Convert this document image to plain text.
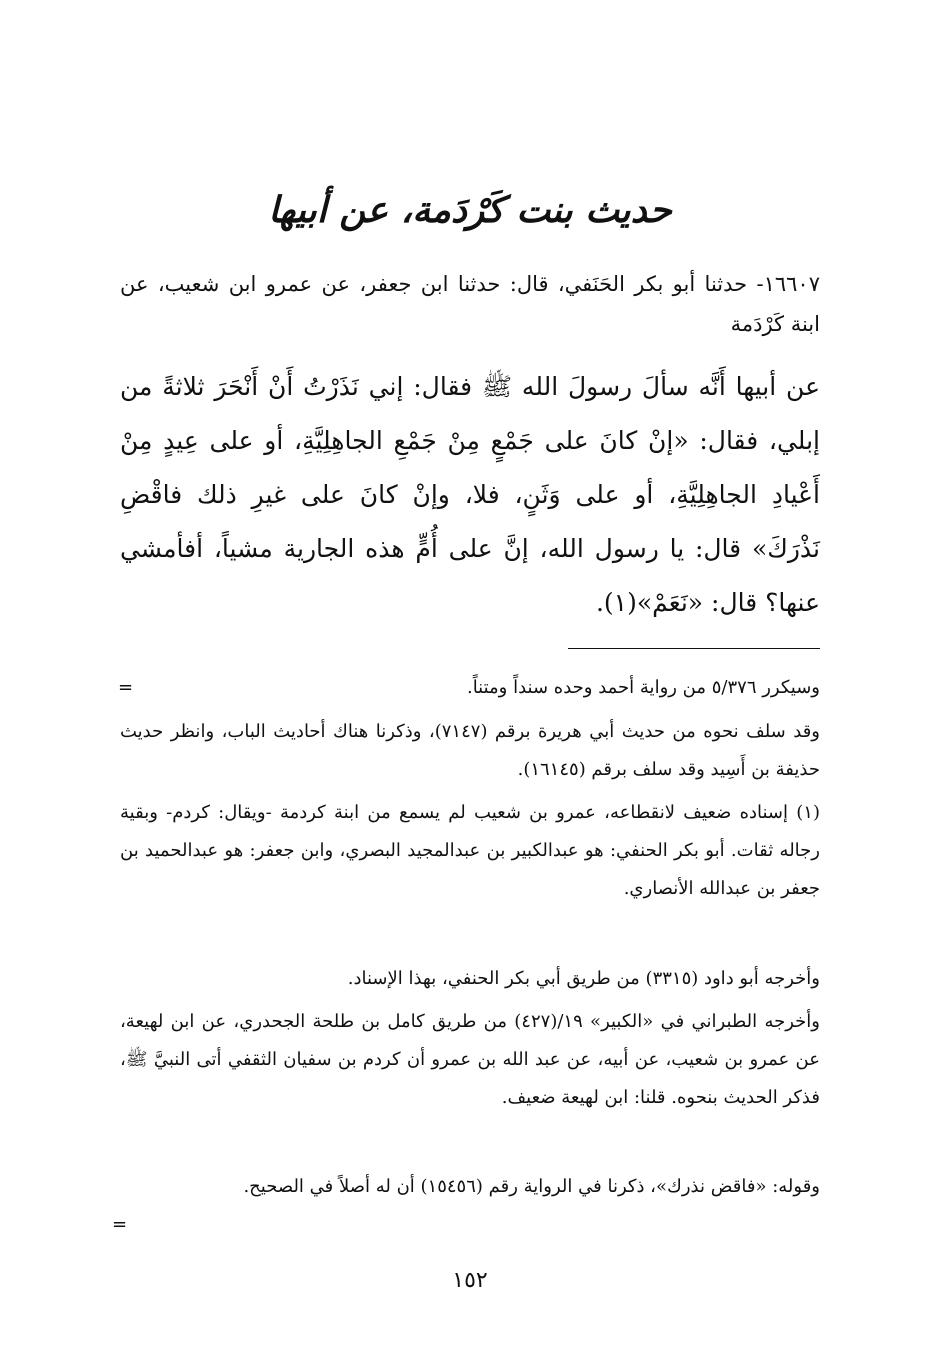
حديث بنت كَرْدَمة، عن أبيها
١٦٦٠٧- حدثنا أبو بكر الحَنَفي، قال: حدثنا ابن جعفر، عن عمرو ابن شعيب، عن ابنة كَرْدَمة
عن أبيها أَنَّه سألَ رسولَ الله ﷺ فقال: إني نَذَرْتُ أَنْ أَنْحَرَ ثلاثةً من إبلي، فقال: «إنْ كانَ على جَمْعٍ مِنْ جَمْعِ الجاهِلِيَّةِ، أو على عِيدٍ مِنْ أَعْيادِ الجاهِلِيَّةِ، أو على وَثَنٍ، فلا، وإنْ كانَ على غيرِ ذلك فاقْضِ نَذْرَكَ» قال: يا رسول الله، إنَّ على أُمٍّ هذه الجارية مشياً، أفأمشي عنها؟ قال: «نَعَمْ»(١).
=	وسيكرر ٥/٣٧٦ من رواية أحمد وحده سنداً ومتناً.
وقد سلف نحوه من حديث أبي هريرة برقم (٧١٤٧)، وذكرنا هناك أحاديث الباب، وانظر حديث حذيفة بن أَسِيد وقد سلف برقم (١٦١٤٥).
(١) إسناده ضعيف لانقطاعه، عمرو بن شعيب لم يسمع من ابنة كردمة -ويقال: كردم- وبقية رجاله ثقات. أبو بكر الحنفي: هو عبدالكبير بن عبدالمجيد البصري، وابن جعفر: هو عبدالحميد بن جعفر بن عبدالله الأنصاري.
وأخرجه أبو داود (٣٣١٥) من طريق أبي بكر الحنفي، بهذا الإسناد.
وأخرجه الطبراني في «الكبير» ١٩/(٤٢٧) من طريق كامل بن طلحة الجحدري، عن ابن لهيعة، عن عمرو بن شعيب، عن أبيه، عن عبد الله بن عمرو أن كردم بن سفيان الثقفي أتى النبيَّ ﷺ، فذكر الحديث بنحوه. قلنا: ابن لهيعة ضعيف.
وقوله: «فاقض نذرك»، ذكرنا في الرواية رقم (١٥٤٥٦) أن له أصلاً في الصحيح.
=
١٥٢
